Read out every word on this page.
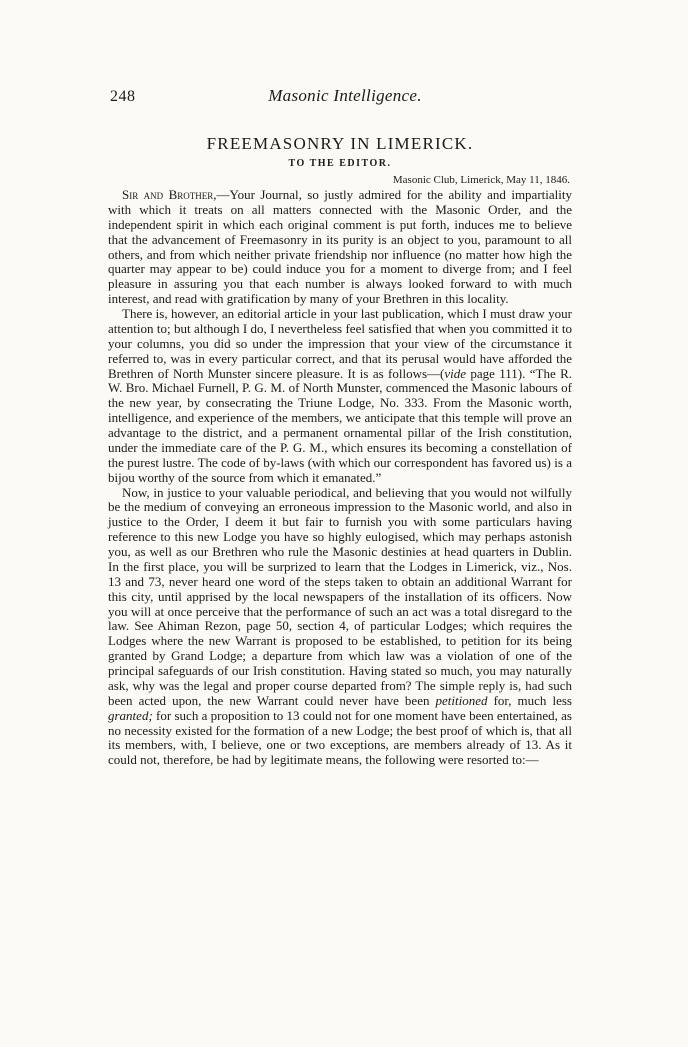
248	Masonic Intelligence.
FREEMASONRY IN LIMERICK.
TO THE EDITOR.
Masonic Club, Limerick, May 11, 1846.

Sir and Brother,—Your Journal, so justly admired for the ability and impartiality with which it treats on all matters connected with the Masonic Order, and the independent spirit in which each original comment is put forth, induces me to believe that the advancement of Freemasonry in its purity is an object to you, paramount to all others, and from which neither private friendship nor influence (no matter how high the quarter may appear to be) could induce you for a moment to diverge from; and I feel pleasure in assuring you that each number is always looked forward to with much interest, and read with gratification by many of your Brethren in this locality.

There is, however, an editorial article in your last publication, which I must draw your attention to; but although I do, I nevertheless feel satisfied that when you committed it to your columns, you did so under the impression that your view of the circumstance it referred to, was in every particular correct, and that its perusal would have afforded the Brethren of North Munster sincere pleasure. It is as follows—(vide page 111). “The R. W. Bro. Michael Furnell, P. G. M. of North Munster, commenced the Masonic labours of the new year, by consecrating the Triune Lodge, No. 333. From the Masonic worth, intelligence, and experience of the members, we anticipate that this temple will prove an advantage to the district, and a permanent ornamental pillar of the Irish constitution, under the immediate care of the P. G. M., which ensures its becoming a constellation of the purest lustre. The code of by-laws (with which our correspondent has favored us) is a bijou worthy of the source from which it emanated.”

Now, in justice to your valuable periodical, and believing that you would not wilfully be the medium of conveying an erroneous impression to the Masonic world, and also in justice to the Order, I deem it but fair to furnish you with some particulars having reference to this new Lodge you have so highly eulogised, which may perhaps astonish you, as well as our Brethren who rule the Masonic destinies at head quarters in Dublin. In the first place, you will be surprized to learn that the Lodges in Limerick, viz., Nos. 13 and 73, never heard one word of the steps taken to obtain an additional Warrant for this city, until apprised by the local newspapers of the installation of its officers. Now you will at once perceive that the performance of such an act was a total disregard to the law. See Ahiman Rezon, page 50, section 4, of particular Lodges; which requires the Lodges where the new Warrant is proposed to be established, to petition for its being granted by Grand Lodge; a departure from which law was a violation of one of the principal safeguards of our Irish constitution. Having stated so much, you may naturally ask, why was the legal and proper course departed from? The simple reply is, had such been acted upon, the new Warrant could never have been petitioned for, much less granted; for such a proposition to 13 could not for one moment have been entertained, as no necessity existed for the formation of a new Lodge; the best proof of which is, that all its members, with, I believe, one or two exceptions, are members already of 13. As it could not, therefore, be had by legitimate means, the following were resorted to:—
